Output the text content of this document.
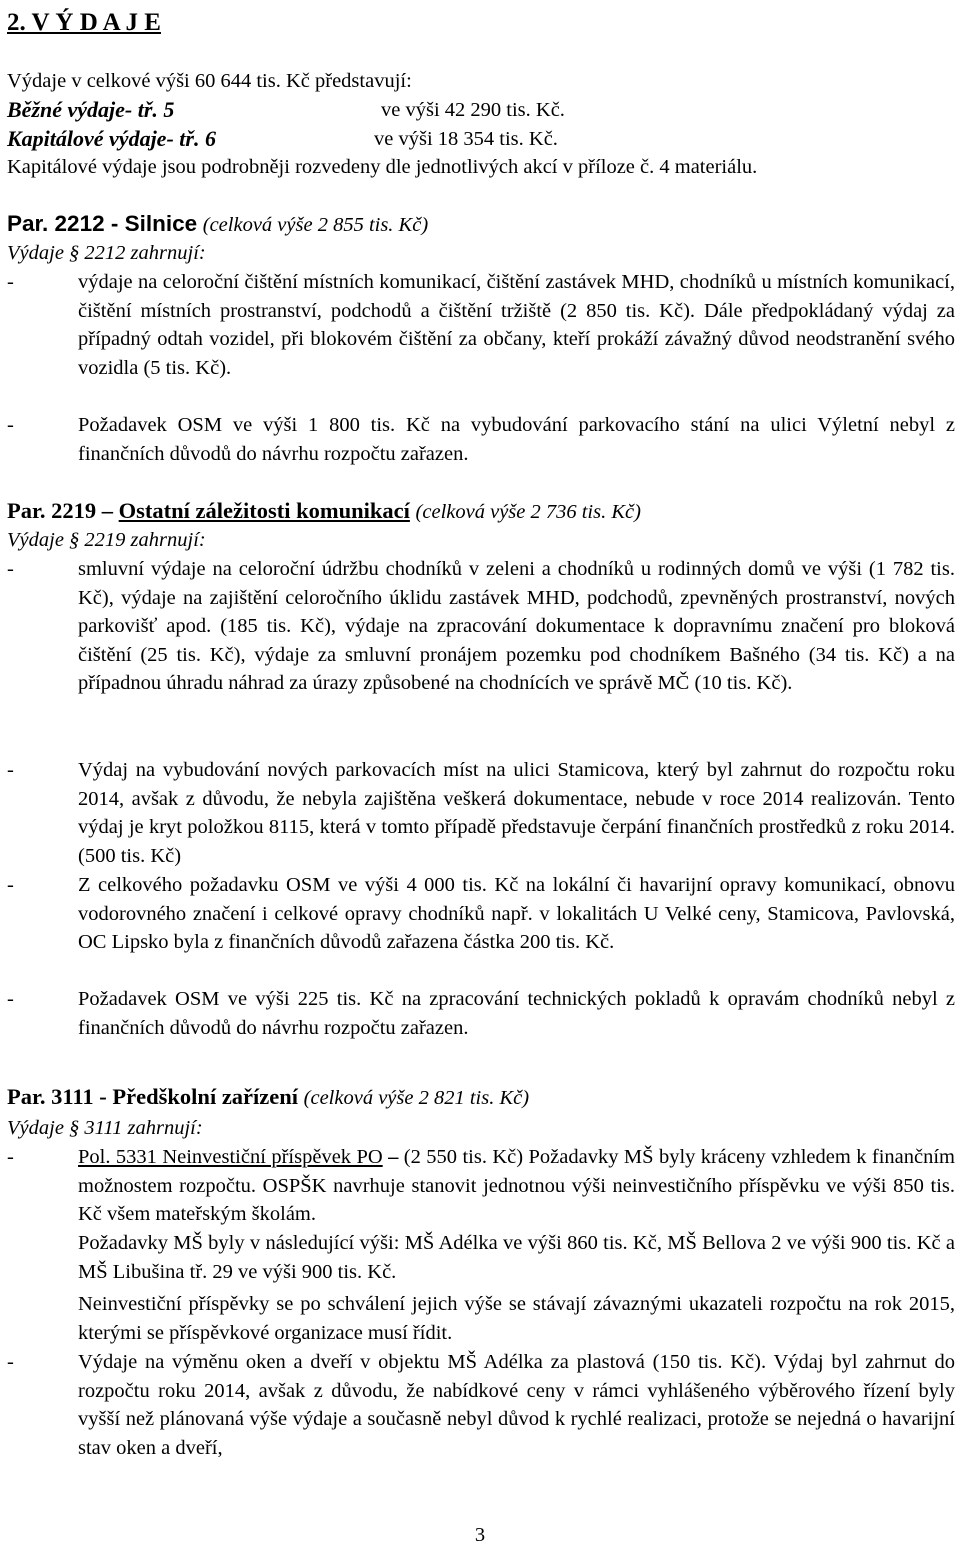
2. V Ý D A J E
Výdaje v celkové výši 60 644 tis. Kč představují:
Běžné výdaje- tř. 5	ve výši 42 290 tis. Kč.
Kapitálové výdaje- tř. 6	ve výši 18 354 tis. Kč.
Kapitálové výdaje jsou podrobněji rozvedeny dle jednotlivých akcí v příloze č. 4 materiálu.
Par. 2212 - Silnice (celková výše 2 855 tis. Kč)
Výdaje § 2212 zahrnují:
-	výdaje na celoroční čištění místních komunikací, čištění zastávek MHD, chodníků u místních komunikací, čištění místních prostranství, podchodů a čištění tržiště (2 850 tis. Kč). Dále předpokládaný výdaj za případný odtah vozidel, při blokovém čištění za občany, kteří prokáží závažný důvod neodstranění svého vozidla (5 tis. Kč).
-	Požadavek OSM ve výši 1 800 tis. Kč na vybudování parkovacího stání na ulici Výletní nebyl z finančních důvodů do návrhu rozpočtu zařazen.
Par. 2219 – Ostatní záležitosti komunikací (celková výše 2 736 tis. Kč)
Výdaje § 2219 zahrnují:
-	smluvní výdaje na celoroční údržbu chodníků v zeleni a chodníků u rodinných domů ve výši (1 782 tis. Kč), výdaje na zajištění celoročního úklidu zastávek MHD, podchodů, zpevněných prostranství, nových parkovišť apod. (185 tis. Kč), výdaje na zpracování dokumentace k dopravnímu značení pro bloková čištění (25 tis. Kč), výdaje za smluvní pronájem pozemku pod chodníkem Bašného (34 tis. Kč) a na případnou úhradu náhrad za úrazy způsobené na chodnících ve správě MČ (10 tis. Kč).
-	Výdaj na vybudování nových parkovacích míst na ulici Stamicova, který byl zahrnut do rozpočtu roku 2014, avšak z důvodu, že nebyla zajištěna veškerá dokumentace, nebude v roce 2014 realizován. Tento výdaj je kryt položkou 8115, která v tomto případě představuje čerpání finančních prostředků z roku 2014. (500 tis. Kč)
-	Z celkového požadavku OSM ve výši 4 000 tis. Kč na lokální či havarijní opravy komunikací, obnovu vodorovného značení i celkové opravy chodníků např. v lokalitách U Velké ceny, Stamicova, Pavlovská, OC Lipsko byla z finančních důvodů zařazena částka 200 tis. Kč.
-	Požadavek OSM ve výši 225 tis. Kč na zpracování technických pokladů k opravám chodníků nebyl z finančních důvodů do návrhu rozpočtu zařazen.
Par. 3111 - Předškolní zařízení (celková výše 2 821 tis. Kč)
Výdaje § 3111 zahrnují:
-	Pol. 5331 Neinvestiční příspěvek PO – (2 550 tis. Kč) Požadavky MŠ byly kráceny vzhledem k finančním možnostem rozpočtu. OSPŠK navrhuje stanovit jednotnou výši neinvestičního příspěvku ve výši 850 tis. Kč všem mateřským školám.
Požadavky MŠ byly v následující výši: MŠ Adélka ve výši 860 tis. Kč, MŠ Bellova 2 ve výši 900 tis. Kč a MŠ Libušina tř. 29 ve výši 900 tis. Kč.
Neinvestiční příspěvky se po schválení jejich výše se stávají závaznými ukazateli rozpočtu na rok 2015, kterými se příspěvkové organizace musí řídit.
-	Výdaje na výměnu oken a dveří v objektu MŠ Adélka za plastová (150 tis. Kč). Výdaj byl zahrnut do rozpočtu roku 2014, avšak z důvodu, že nabídkové ceny v rámci vyhlášeného výběrového řízení byly vyšší než plánovaná výše výdaje a současně nebyl důvod k rychlé realizaci, protože se nejedná o havarijní stav oken a dveří,
3
